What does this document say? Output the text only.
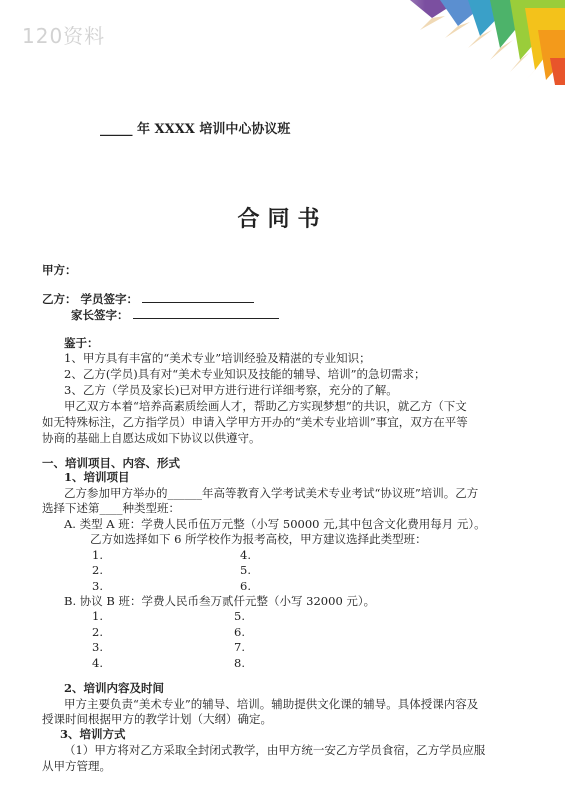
120资料
_____ 年 XXXX 培训中心协议班
合同书
甲方：
乙方： 学员签字：
家长签字：
鉴于：
1、甲方具有丰富的“美术专业”培训经验及精湛的专业知识；
2、乙方(学员)具有对“美术专业知识及技能的辅导、培训”的急切需求；
3、乙方（学员及家长)已对甲方进行进行详细考察，充分的了解。
甲乙双方本着“培养高素质绘画人才，帮助乙方实现梦想”的共识，就乙方（下文
如无特殊标注，乙方指学员）申请入学甲方开办的“美术专业培训”事宜，双方在平等
协商的基础上自愿达成如下协议以供遵守。
一、培训项目、内容、形式
1、培训项目
乙方参加甲方举办的______年高等教育入学考试美术专业考试“协议班”培训。乙方
选择下述第____种类型班：
A. 类型 A 班：学费人民币伍万元整（小写 50000 元,其中包含文化费用每月 元）。
乙方如选择如下 6 所学校作为报考高校，甲方建议选择此类型班：
1.	4.
2.	5.
3.	6.
B. 协议 B 班：学费人民币叁万贰仟元整（小写 32000 元）。
1.	5.
2.	6.
3.	7.
4.	8.
2、培训内容及时间
甲方主要负责“美术专业”的辅导、培训。辅助提供文化课的辅导。具体授课内容及
授课时间根据甲方的教学计划（大纲）确定。
3、培训方式
（1）甲方将对乙方采取全封闭式教学，由甲方统一安乙方学员食宿，乙方学员应服
从甲方管理。
